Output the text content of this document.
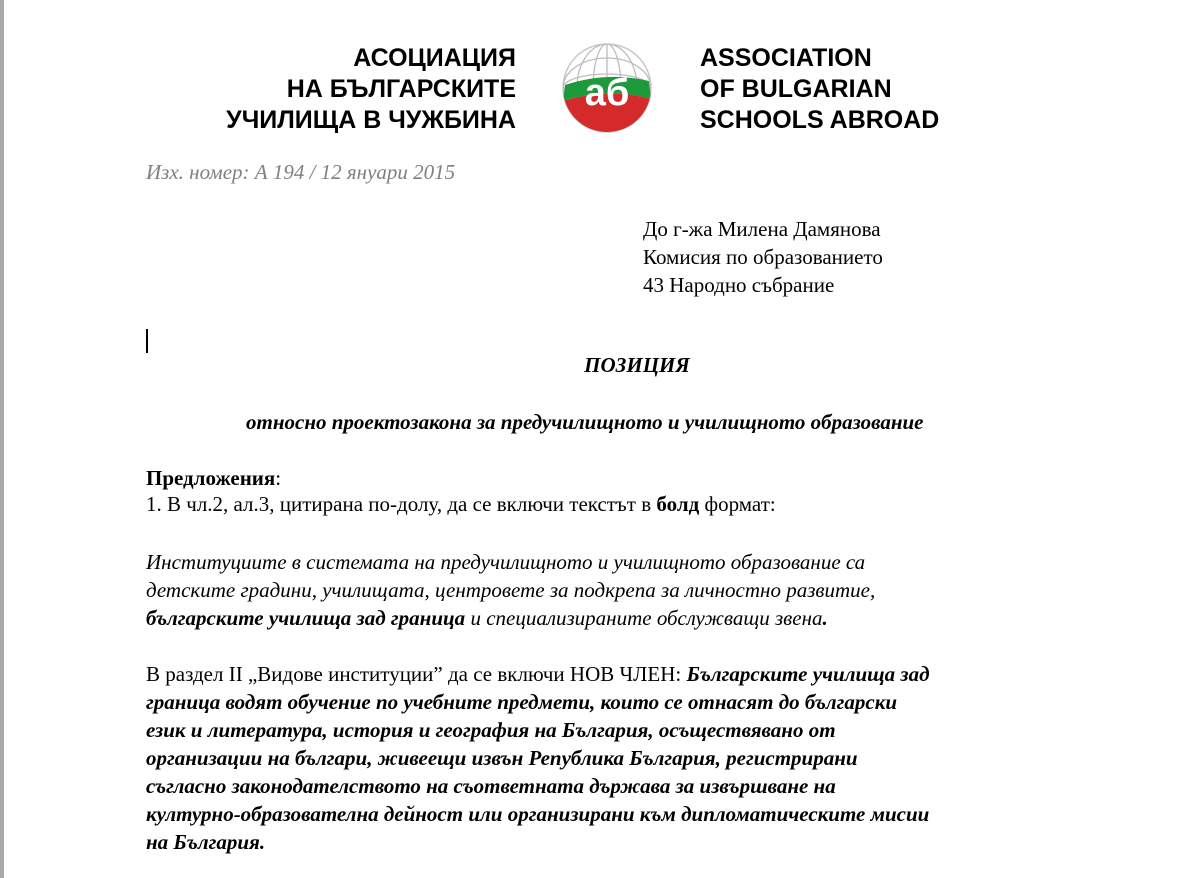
АСОЦИАЦИЯ
НА БЪЛГАРСКИТЕ
УЧИЛИЩА В ЧУЖБИНА
аб
ASSOCIATION
OF BULGARIAN
SCHOOLS ABROAD
Изх. номер: А 194 / 12 януари 2015
До г-жа Милена Дамянова
Комисия по образованието
43 Народно събрание
ПОЗИЦИЯ
относно проектозакона за предучилищното и училищното образование
Предложения:
1. В чл.2, ал.3, цитирана по-долу, да се включи текстът в болд формат:
Институциите в системата на предучилищното и училищното образование са
детските градини, училищата, центровете за подкрепа за личностно развитие,
българските училища зад граница и специализираните обслужващи звена.
В раздел II „Видове институции” да се включи НОВ ЧЛЕН: Българските училища зад
граница водят обучение по учебните предмети, които се отнасят до български
език и литература, история и география на България, осъществявано от
организации на българи, живеещи извън Република България, регистрирани
съгласно законодателството на съответната държава за извършване на
културно-образователна дейност или организирани към дипломатическите мисии
на България.
